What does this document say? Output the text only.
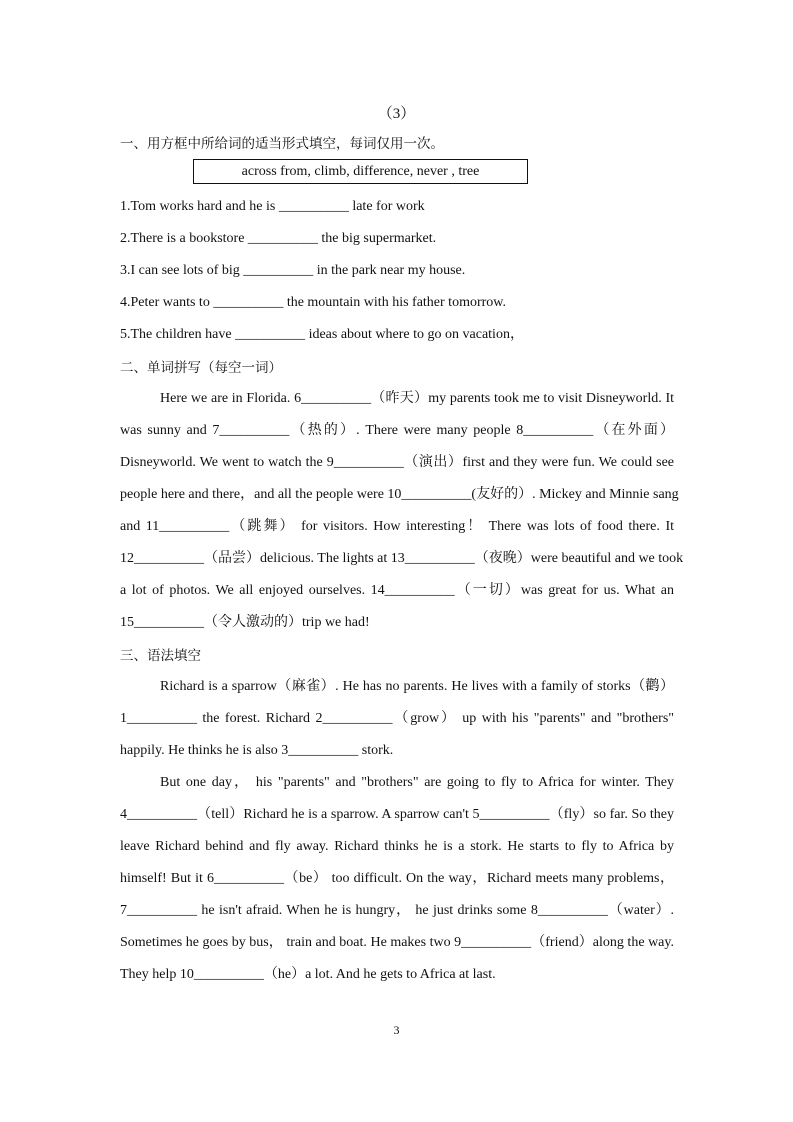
（3）
一、用方框中所给词的适当形式填空，每词仅用一次。
across from, climb, difference, never , tree
1.Tom works hard and he is __________ late for work
2.There is a bookstore __________ the big supermarket.
3.I can see lots of big __________ in the park near my house.
4.Peter wants to __________ the mountain with his father tomorrow.
5.The children have __________ ideas about where to go on vacation，
二、单词拼写（每空一词）
Here we are in Florida. 6__________（昨天）my parents took me to visit Disneyworld. It
was sunny and 7__________（热的）. There were many people 8__________（在外面）
Disneyworld. We went to watch the 9__________（演出）first and they were fun. We could see
people here and there，and all the people were 10__________(友好的）. Mickey and Minnie sang
and 11__________（跳舞） for visitors. How interesting！ There was lots of food there. It
12__________（品尝）delicious. The lights at 13__________（夜晚）were beautiful and we took
a lot of photos. We all enjoyed ourselves. 14__________（一切）was great for us. What an
15__________（令人激动的）trip we had!
三、语法填空
Richard is a sparrow（麻雀）. He has no parents. He lives with a family of storks（鹳）
1__________ the forest. Richard 2__________（grow） up with his "parents" and "brothers"
happily. He thinks he is also 3__________ stork.
But one day， his "parents" and "brothers" are going to fly to Africa for winter. They
4__________（tell）Richard he is a sparrow. A sparrow can't 5__________（fly）so far. So they
leave Richard behind and fly away. Richard thinks he is a stork. He starts to fly to Africa by
himself! But it 6__________（be） too difficult. On the way，Richard meets many problems，
7__________ he isn't afraid. When he is hungry， he just drinks some 8__________（water）.
Sometimes he goes by bus， train and boat. He makes two 9__________（friend）along the way.
They help 10__________（he）a lot. And he gets to Africa at last.
3
